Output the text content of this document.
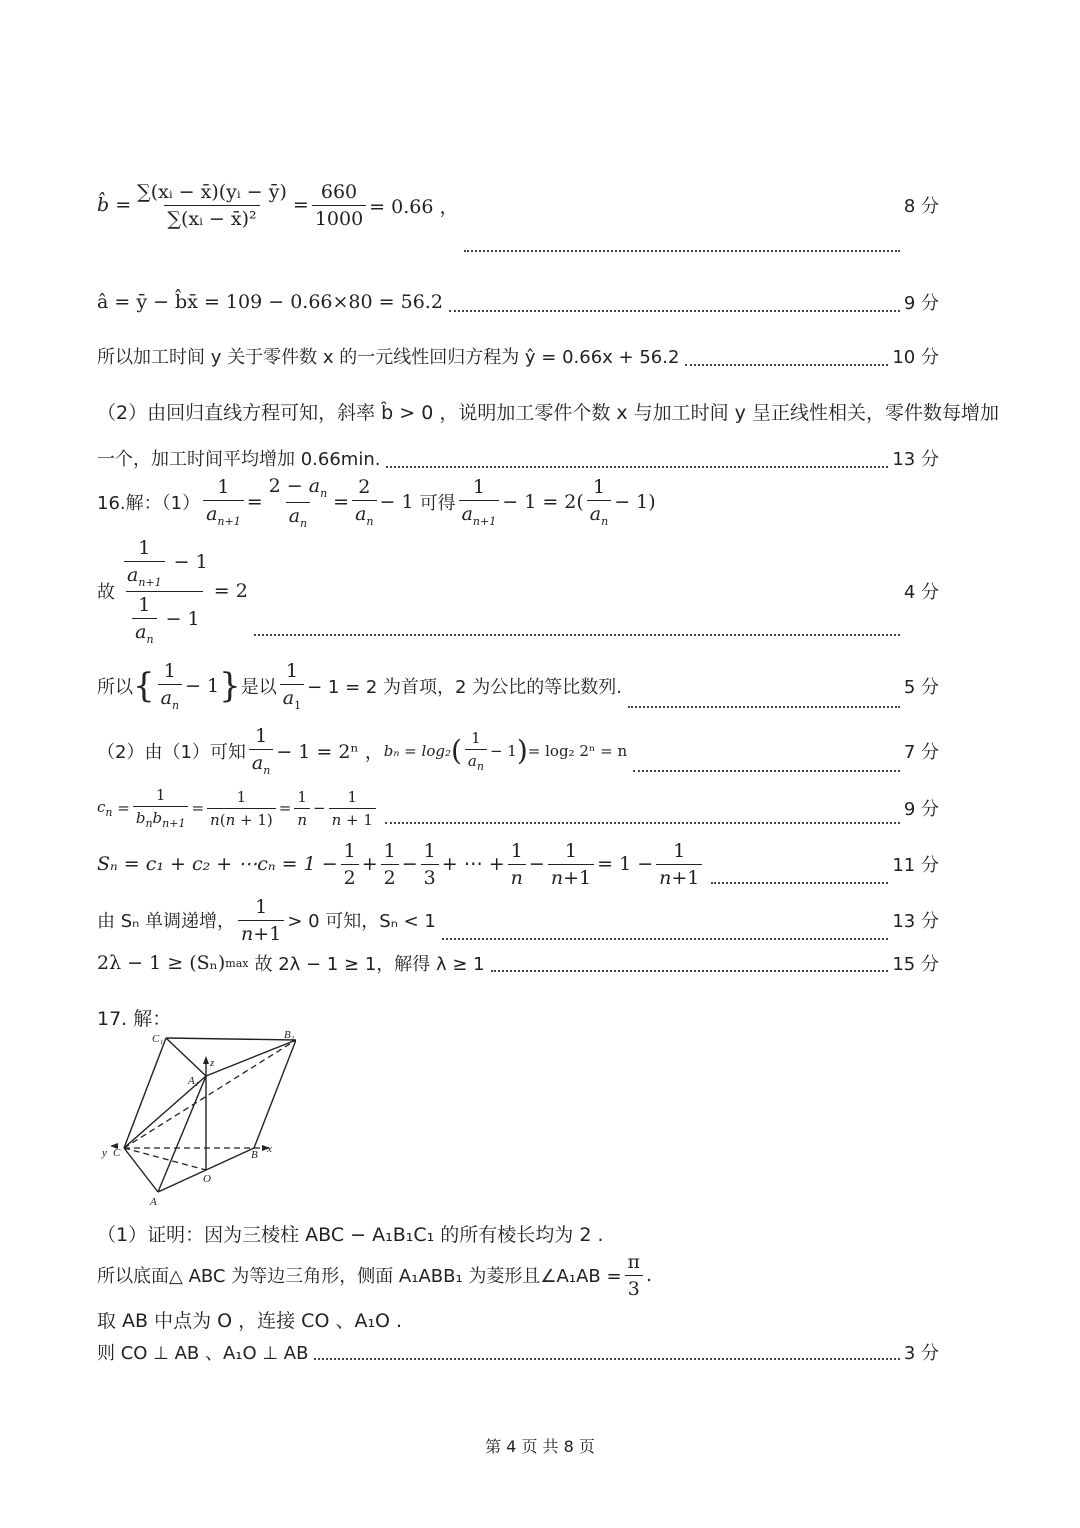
b̂ = $\frac{\text{∑(xᵢ − x̄)(yᵢ − ȳ)}}{\text{∑(xᵢ − x̄)²}} = \frac{660}{1000} = 0.66$ ，	8 分
â = ȳ − b̂x̄ = 109 − 0.66×80 = 56.2	9 分
所以加工时间 y 关于零件数 x 的一元线性回归方程为 ŷ = 0.66x + 56.2	10 分
（2）由回归直线方程可知，斜率 b̂ > 0 ，说明加工零件个数 x 与加工时间 y 呈正线性相关，零件数每增加
一个，加工时间平均增加 0.66min.	13 分
16.解：$(1) \frac{1}{a_{n+1}} = \frac{2 - a_n}{a_n} = \frac{2}{a_n} - 1$ 可得 $\frac{1}{a_{n+1}} - 1 = 2( \frac{1}{a_n} - 1)$
故 $\frac{\frac{1}{a_{n+1}} - 1}{\frac{1}{a_n} - 1} = 2$	4 分
所以 { $\frac{1}{a_n} - 1$ } 是以 $\frac{1}{a_1} - 1 = 2$ 为首项，2 为公比的等比数列.	5 分
（2）由（1）可知 $\frac{1}{a_n} - 1 = 2^n$ ， bₙ = log₂ ( $\frac{1}{a_n} - 1$ ) = log₂ 2ⁿ = n	7 分
$c_n = \frac{1}{b_nb_{n+1}} = \frac{1}{n(n + 1)} = \frac{1}{n} - \frac{1}{n + 1}$	9 分
Sₙ = c₁ + c₂ + ⋯cₙ = $1 - \frac{1}{2} + \frac{1}{2} - \frac{1}{3}$ + ⋯ + $\frac{1}{n} - \frac{1}{n+1} = 1 - \frac{1}{n+1}$	11 分
由 Sₙ 单调递增， $\frac{1}{n+1} > 0$ 可知，Sₙ < 1	13 分
2λ − 1 ≥ (Sₙ) max 故 2λ − 1 ≥ 1，解得 λ ≥ 1	15 分
17. 解：
C₁	B₁
A₁
z
y C	B x
O
A
（1）证明：因为三棱柱 ABC − A₁B₁C₁ 的所有棱长均为 2 .
所以底面△ ABC 为等边三角形，侧面 A₁ABB₁ 为菱形且∠A₁AB = $\frac{\pi}{3}$ .
取 AB 中点为 O ，连接 CO 、A₁O .
则 CO ⊥ AB 、A₁O ⊥ AB	3 分
第 4 页 共 8 页
